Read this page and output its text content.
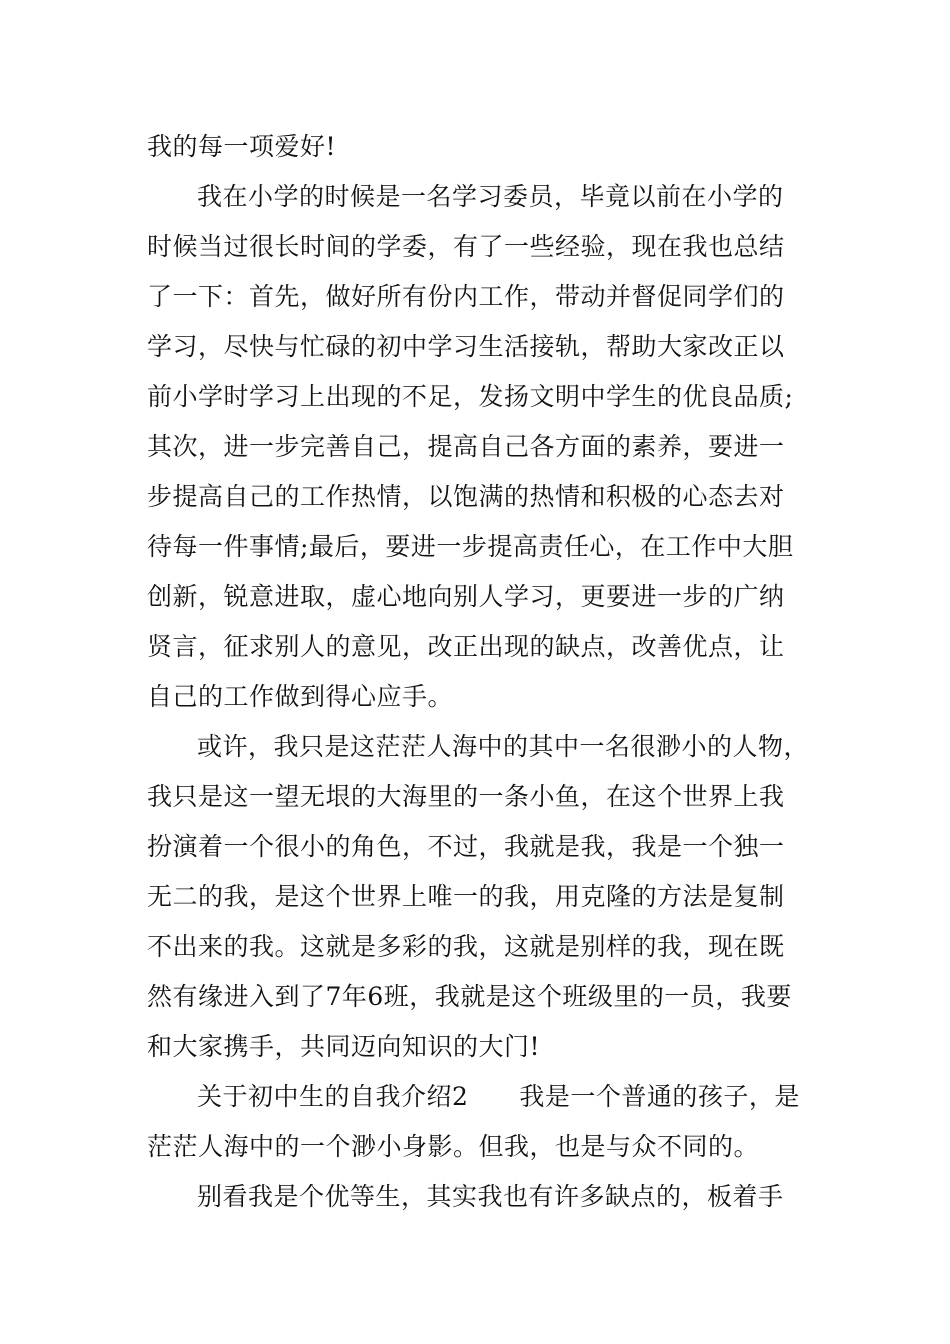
我的每一项爱好!
我在小学的时候是一名学习委员，毕竟以前在小学的
时候当过很长时间的学委，有了一些经验，现在我也总结
了一下：首先，做好所有份内工作，带动并督促同学们的
学习，尽快与忙碌的初中学习生活接轨，帮助大家改正以
前小学时学习上出现的不足，发扬文明中学生的优良品质;
其次，进一步完善自己，提高自己各方面的素养，要进一
步提高自己的工作热情，以饱满的热情和积极的心态去对
待每一件事情;最后，要进一步提高责任心，在工作中大胆
创新，锐意进取，虚心地向别人学习，更要进一步的广纳
贤言，征求别人的意见，改正出现的缺点，改善优点，让
自己的工作做到得心应手。
或许，我只是这茫茫人海中的其中一名很渺小的人物，
我只是这一望无垠的大海里的一条小鱼，在这个世界上我
扮演着一个很小的角色，不过，我就是我，我是一个独一
无二的我，是这个世界上唯一的我，用克隆的方法是复制
不出来的我。这就是多彩的我，这就是别样的我，现在既
然有缘进入到了7年6班，我就是这个班级里的一员，我要
和大家携手，共同迈向知识的大门!
关于初中生的自我介绍2　　我是一个普通的孩子，是
茫茫人海中的一个渺小身影。但我，也是与众不同的。
别看我是个优等生，其实我也有许多缺点的，板着手
